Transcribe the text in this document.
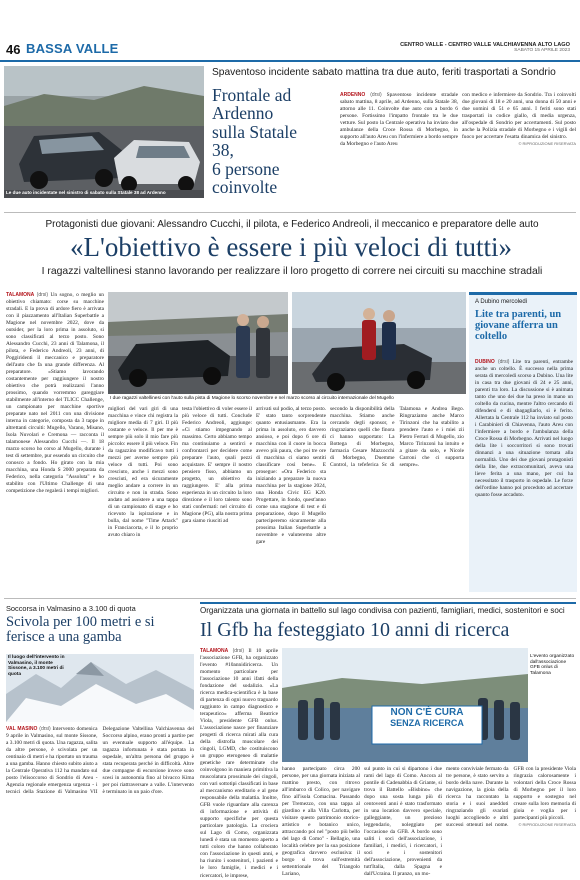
46 BASSA VALLE	CENTRO VALLE - CENTRO VALLE VALCHIAVENNA ALTO LAGO
SABATO 15 APRILE 2023
Le due auto incidentate nel sinistro di sabato sulla Statale 38 ad Ardenno
Spaventoso incidente sabato mattina tra due auto, feriti trasportati a Sondrio
Frontale ad Ardenno
sulla Statale 38,
6 persone coinvolte
ARDENNO (drsi) Spaventoso incidente stradale sabato mattina, 8 aprile, ad Ardenno, sulla Statale 38, attorno alle 11. Coinvolte due auto con a bordo 6 persone. Fortissimo l'impatto frontale tra le due vetture. Sul posto la Centrale operativa ha inviato due ambulanze della Croce Rossa di Morbegno, in supporto all'auto Areu con l'infermiere a bordo sempre da Morbegno e l'auto Areu
con medico e infermiere da Sondrio. Tra i coinvolti due giovani di 18 e 20 anni, una donna di 50 anni e due uomini di 51 e 65 anni. I feriti sono stati trasportati in codice giallo, di media urgenza, all'ospedale di Sondrio per accertamenti. Sul posto anche la Polizia stradale di Morbegno e i vigili del fuoco per accertare l'esatta dinamica del sinistro.
© RIPRODUZIONE RISERVATA
Protagonisti due giovani: Alessandro Cucchi, il pilota, e Federico Andreoli, il meccanico e preparatore delle auto
«L'obiettivo è essere i più veloci di tutti»
I ragazzi valtellinesi stanno lavorando per realizzare il loro progetto di correre nei circuiti su macchine stradali
TALAMONA (drsi) Un sogno, o meglio un obiettivo chiamato: corse su macchine stradali. E la prova di ardore fiero è arrivata con il piazzamento all'Italian Superbattle a Magione nel novembre 2022, dove da outsider, per la loro prima in assoluto, si sono classificati al terzo posto. Sono Alessandro Cucchi, 23 anni di Talamona, il pilota, e Federico Andreoli, 23 anni, di Poggiridenti il meccanico e preparatore dell'auto che fa una grande differenza. Al preparatore. «Stiamo lavorando costantemente per raggiungere il nostro obiettivo che potrà realizzarsi l'anno prossimo, quando vorremmo gareggiare stabilmente all'interno del TLICC Challenge, un campionato per macchine sportive preparate nato nel 2011 con una divisione interna in categorie, composta da 3 tappe in altrettanti circuiti: Mugello, Varano, Misano, Isola Nuvolari e Cremona — racconta il talamonese Alessandro Cucchi —. Il 18 marzo scorso ho corso al Mugello, durante i test di settembre, pur essendo un circuito che conosco a fondo. Ho girato con la mia macchina, una Honda S 2000 preparata da Federico, nella categoria "Assoluta" e ho stabilito con l'Ultimo Challenge di una competizione che regalerà i tempi migliori.
I due ragazzi valtellinesi con l'auto sulla pista di Magione lo scorso novembre e nel marzo scorso al circuito internazionale del Mugello
migliori del vari giri di una macchina e vince chi registra la migliore media di 7 giri. Il più costante e veloce. Il per me è sempre più solo il mio fare più piccolo: essere il più veloce. Fin da ragazzino modificavo tutti i mezzi per averne sempre più veloce di tutti. Poi sono cresciuto, anche i mezzi sono cresciuti, ed era sicuramente meglio andare a correre in un circuito e non in strada. Sono andato ad assistere a una tappa di un campionato di stage e ho ricevuto la ispirazione e in bulla, dal nome "Time Attack" in Franciacorta, e il lo proprio avuto chiaro in
testa l'obiettivo di voler essere il più veloce di tutti. Conclude Federico Andreoli, aggiunge: «Ci stiamo impegnando al massimo. Certo abbiamo tempo ma continuiamo a sentirci e confrontarci per decidere come preparare l'auto, quali pezzi acquistare. E' sempre il nostro pensiero fisso, abbiamo un progetto, un obiettivo da raggiungere. E' alla prima esperienza in un circuito la loro direzione e il loro talento sono stati confermati: nel circuito di Magione (PG), alla nostra prima gara siamo riusciti ad
arrivati sul podio, al terzo posto. E' stato tanto sorprendente quanto entusiasmante. Era la prima in assoluto, ero davvero ansioso, e poi dopo 6 ore di macchina con il cuore in bocca avevo più paura, che poi tre ore di macchina ci siamo sentiti classificare così bene». E prosegue: «Ora Federico sta iniziando a preparare la nuova macchina per la stagione 2024, una Honda Civic EG K20. Progettare, in fondo, quest'anno come una stagione di test e di preparazione, dopo il Mugello parteciperemo sicuramente alla prossima Italian Superbattle a novembre e valuteremo altre gare
secondo la disponibilità della macchina. Stiamo anche cercando degli sponsor, e ringraziamo quelli che finora ci hanno supportato: La Bottega di Morbegno, farmacia Cesare Mazzocchi di Morbegno, Duemme Control, la tefeferica Sc di Talamona e Andrea Bego. Ringraziamo anche Marco Tirinzoni che ha stabilito a prendere l'auto e i miei zii Pietro Ferrari di Mugello, zio Marco Tirinzoni ha intuito e a gitare da solo, e Nicole Carroni che ci supporta sempre».
A Dubino mercoledì
Lite tra parenti, un giovane afferra un coltello
DUBINO (drsi) Lite tra parenti, entrambe anche un coltello. È successo nella prima serata di mercoledì scorso a Dubino. Una lite in casa tra due giovani di 24 e 25 anni, parenti tra loro. La discussione si è animata tanto che uno dei due ha preso in mano un coltello da cucina, mentre l'altro cercando di difendersi e di sbagagliarlo, si è ferito. Allertata la Centrale 112 ha inviato sul posto i Carabinieri di Chiavenna, l'auto Areu con l'infermiere a bordo e l'ambulanza della Croce Rossa di Morbegno. Arrivati nel luogo della lite i soccorritori si sono trovati dinnanzi a una situazione tornata alla normalità. Uno dei due giovani protagonisti della lite, due extracomunitari, aveva una lieve ferita a una mano, per cui ha necessitato il trasporto in ospedale. Le forze dell'ordine hanno poi proceduto ad accertare quanto fosse accaduto.
Soccorsa in Valmasino a 3.100 di quota
Scivola per 100 metri e si ferisce a una gamba
Il luogo dell'intervento in Valmasino, il monte Sissone, a 3.100 metri di quota
VAL MASINO (drsi) Intervento domenica 9 aprile in Valmasino, sul monte Sissone, a 3.100 metri di quota. Una ragazza, salita da altre persone, è scivolata per un centinaio di metri e ha riportato un trauma a una gamba. Hanno chiesto subito aiuto a la Centrale Operativa 112 ha mandato sul posto l'elisoccorso di Sondrio di Areu - Agenzia regionale emergenza urgenza - i tecnici della Stazione di Valmasino VII Delegazione Valtellina Valchiavenna del Soccorso alpino, erano pronti a partire per un eventuale supporto all'équipe. La ragazza infortunata è stata portata in ospedale, un'altra persona del gruppo è stata recuperata perché in difficoltà. Altre due compagne di escursione invece sono scesi in autonomia fino al bivacco Kima per poi riattraversare a valle. L'intervento è terminato in un paio d'ore.
Organizzata una giornata in battello sul lago condivisa con pazienti, famigliari, medici, sostenitori e soci
Il Gfb ha festeggiato 10 anni di ricerca
TALAMONA (drsi) Il 10 aprile l'associazione GFB, ha organizzato l'evento #10annidiricerca. Un momento particolare per l'associazione 10 anni ifatti della fondazione del sodalizio. «La ricerca medica-scientifica è la base di partenza di ogni nuovo traguardo raggiunto in campo diagnostico e terapeutico» afferma Beatrice Viola, presidente GFB onlus. L'associazione nasce per finanziare progetti di ricerca mirati alla cura della distrofia muscolare dei cingoli, LGMD, che costituiscono un gruppo eterogeneo di malattie genetiche rare determinate che coinvolgono in maniera primitiva la muscolatura prossimale dei cingoli, con vari sottotipi classificati in base al meccanismo ereditario e al gene responsabile della malattia. Inoltre, GFB vuole riguardare alla carenza di informazione e attività di supporto specifiche per questa particolare patologia. La crociera sul Lago di Como, organizzata lunedì è stata un momento aperto a tutti coloro che hanno collaborato con l'associazione in questi anni, e ha riunito i sostenitori, i pazienti e le loro famiglie, i medici e i ricercatori, le imprese,
NON C'È CURA
SENZA RICERCA
L'evento organizzato dall'associazione GFB onlus di Talamona
hanno partecipato circa 200 persone, per una giornata iniziata al mattino presto, con ritrovo all'imbarco di Colico, per navigare fino all'isola Comacina. Passando per Tremezzo, con una tappa al giardino e alla Villa Carlotta, per visitare questo patrimonio storico-artistico e botanico unico, attraccando poi nel "posto più bello del lago di Como" - Bellagio, una località celebre per la sua posizione geografica davvero esclusiva: il borgo si trova sull'estremità settentrionale del Triangolo Lariano,
sul punto in cui si dipartono i due rami del lago di Como. Ancora al pontile di Cadenabbia di Griante, si trova il Battello «Bisbino» che dopo una sosta lunga più di centoventi anni è stato trasformato in una location davvero speciale, galleggiante, un prezioso leggendario, noleggiato per l'occasione da GFB. A bordo sono saliti i soci dell'associazione, i familiari, i medici, i ricercatori, i soci e i sostenitori dell'associazione, provenienti da tutt'Italia, dalla Spagna e dall'Ucraina. Il pranzo, un mo-
mento conviviale fermato da tre persone, è stato servito a bordo della nave. Durante la navigazione, la gioia della ricerca ha raccontato la storia e i suoi aneddoti ringraziando gli svariati luoghi accogliendo e altri successi ottenuti nel nome. GFB con la presidente Viola ringrazia calorosamente i volontari della Croce Rossa di Morbegno per il loro supporto e sostegno nel creare sulla loro memoria di gioia e voglia per i partecipanti più piccoli.
© RIPRODUZIONE RISERVATA
